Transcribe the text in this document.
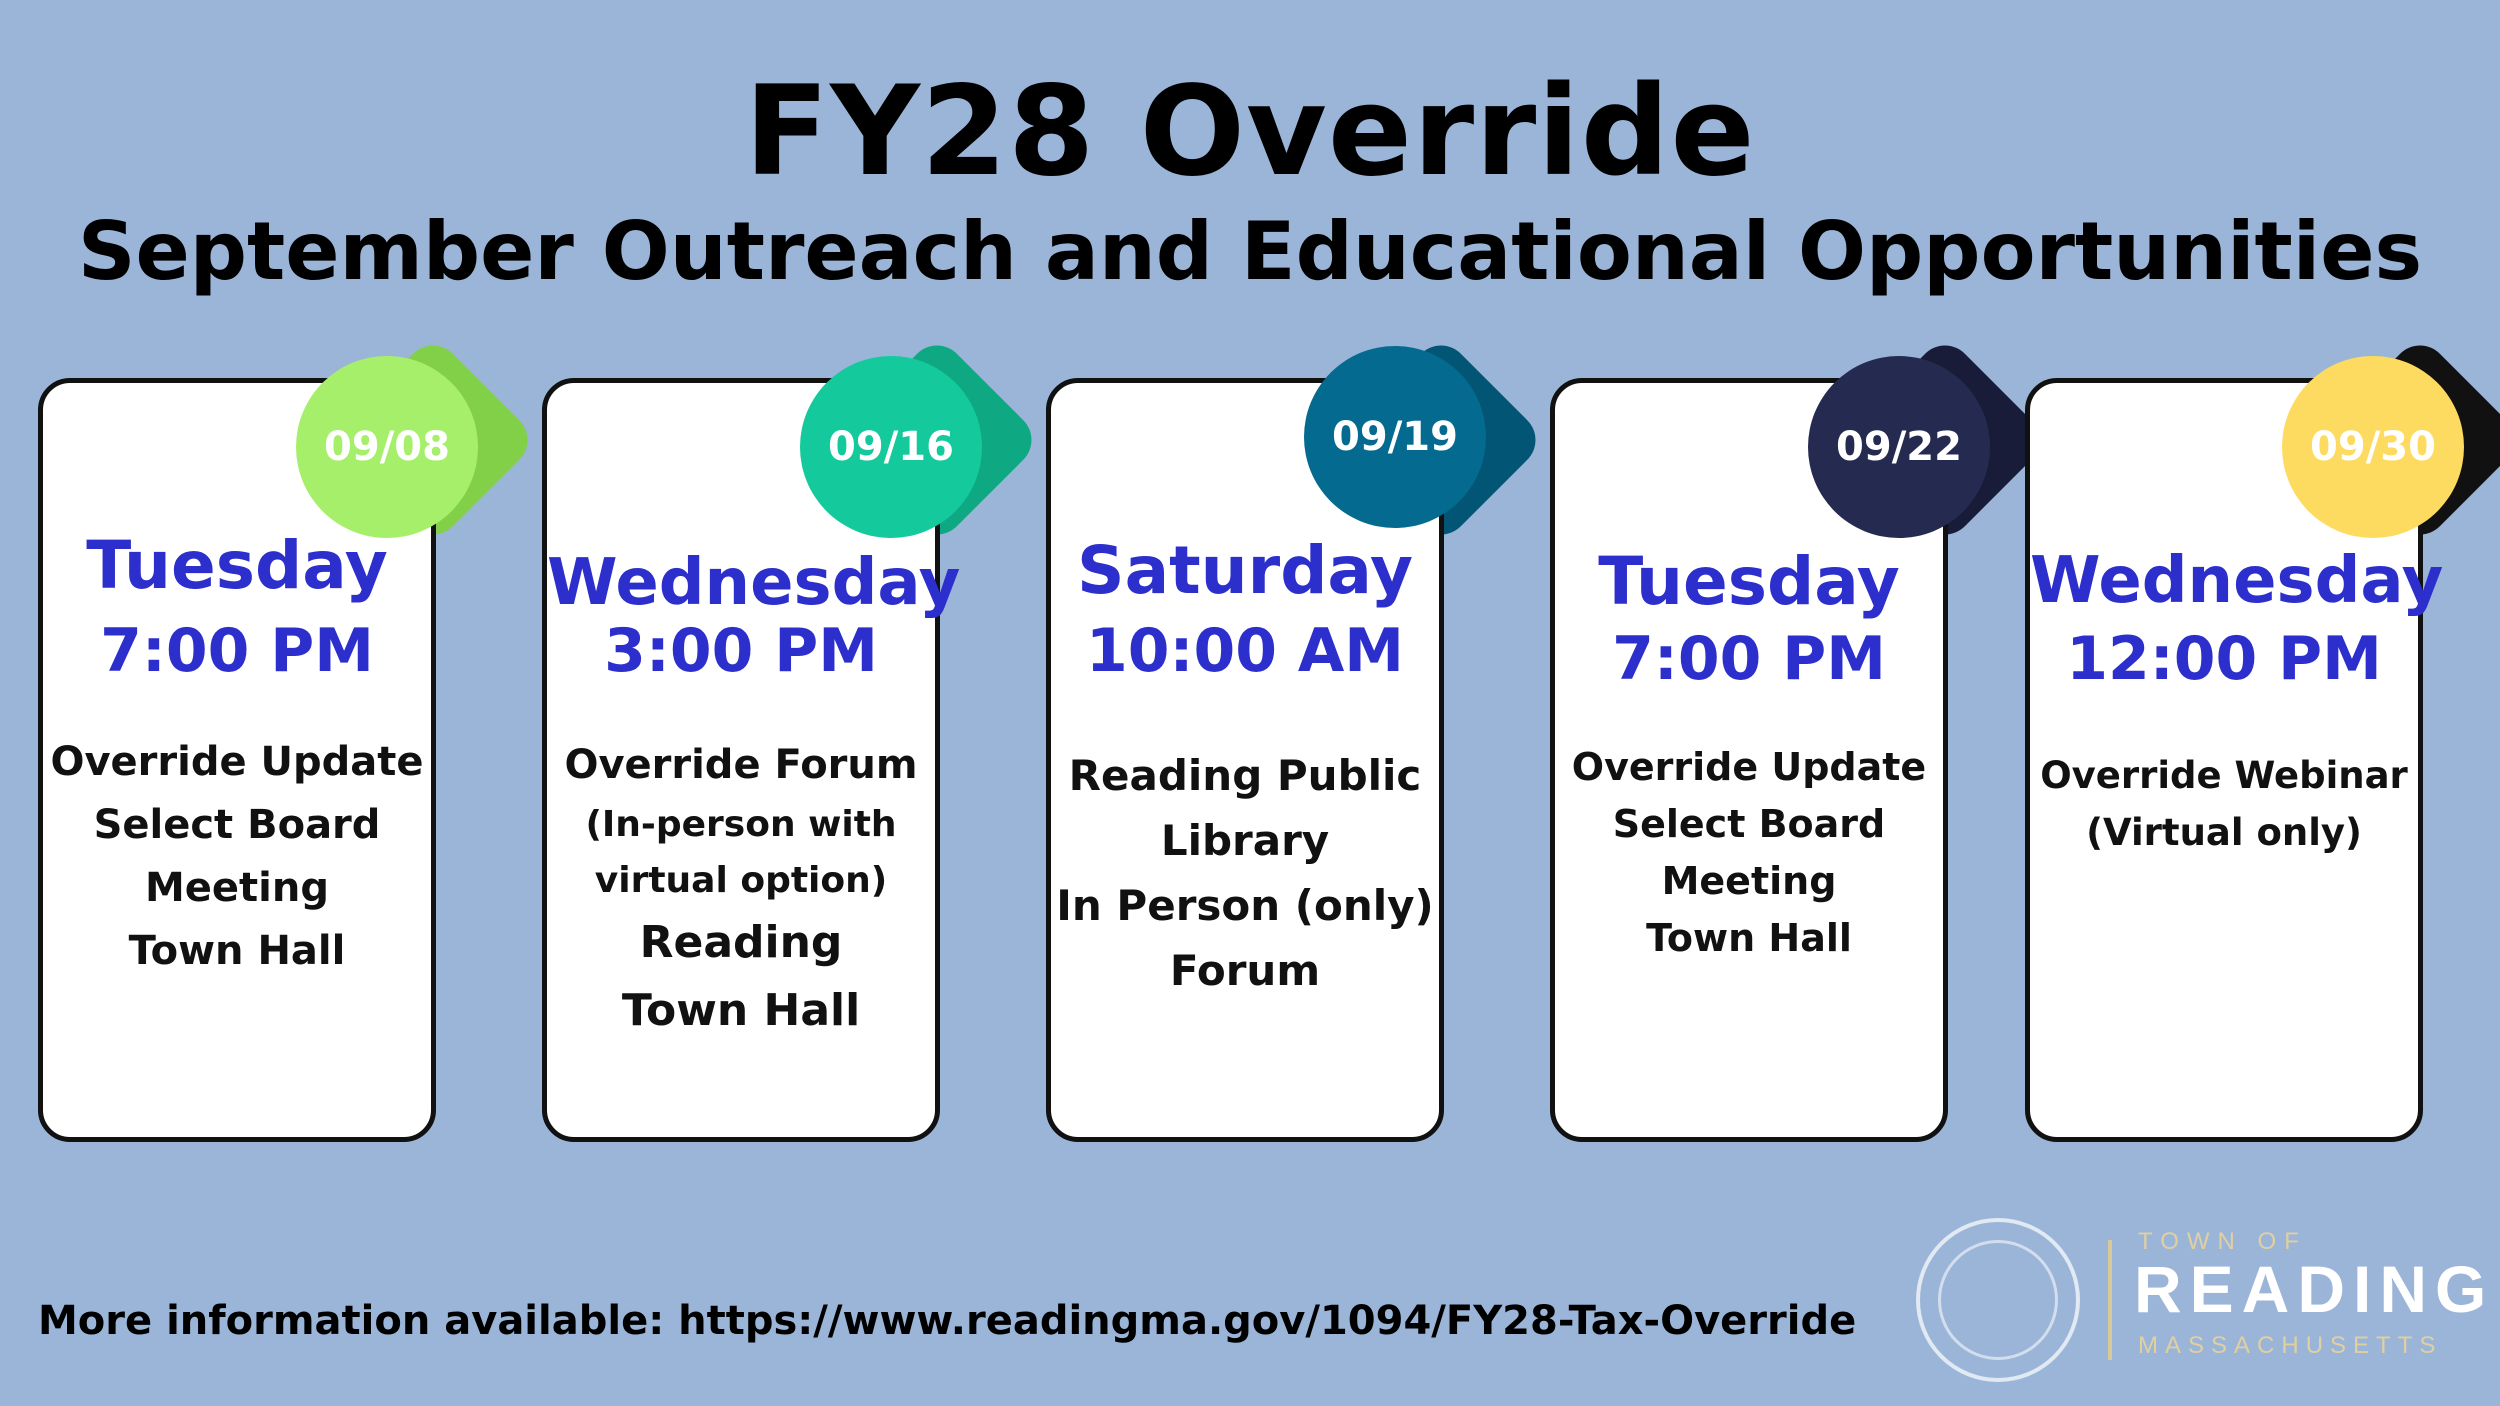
FY28 Override
September Outreach and Educational Opportunities
Tuesday
7:00 PM
Override Update
Select Board
Meeting
Town Hall
09/08
Wednesday
3:00 PM
Override Forum
(In-person with
virtual option)
Reading
Town Hall
09/16
Saturday
10:00 AM
Reading Public
Library
In Person (only)
Forum
09/19
Tuesday
7:00 PM
Override Update
Select Board
Meeting
Town Hall
09/22
Wednesday
12:00 PM
Override Webinar
(Virtual only)
09/30
More information available: https://www.readingma.gov/1094/FY28-Tax-Override
TOWN OF
READING
MASSACHUSETTS
